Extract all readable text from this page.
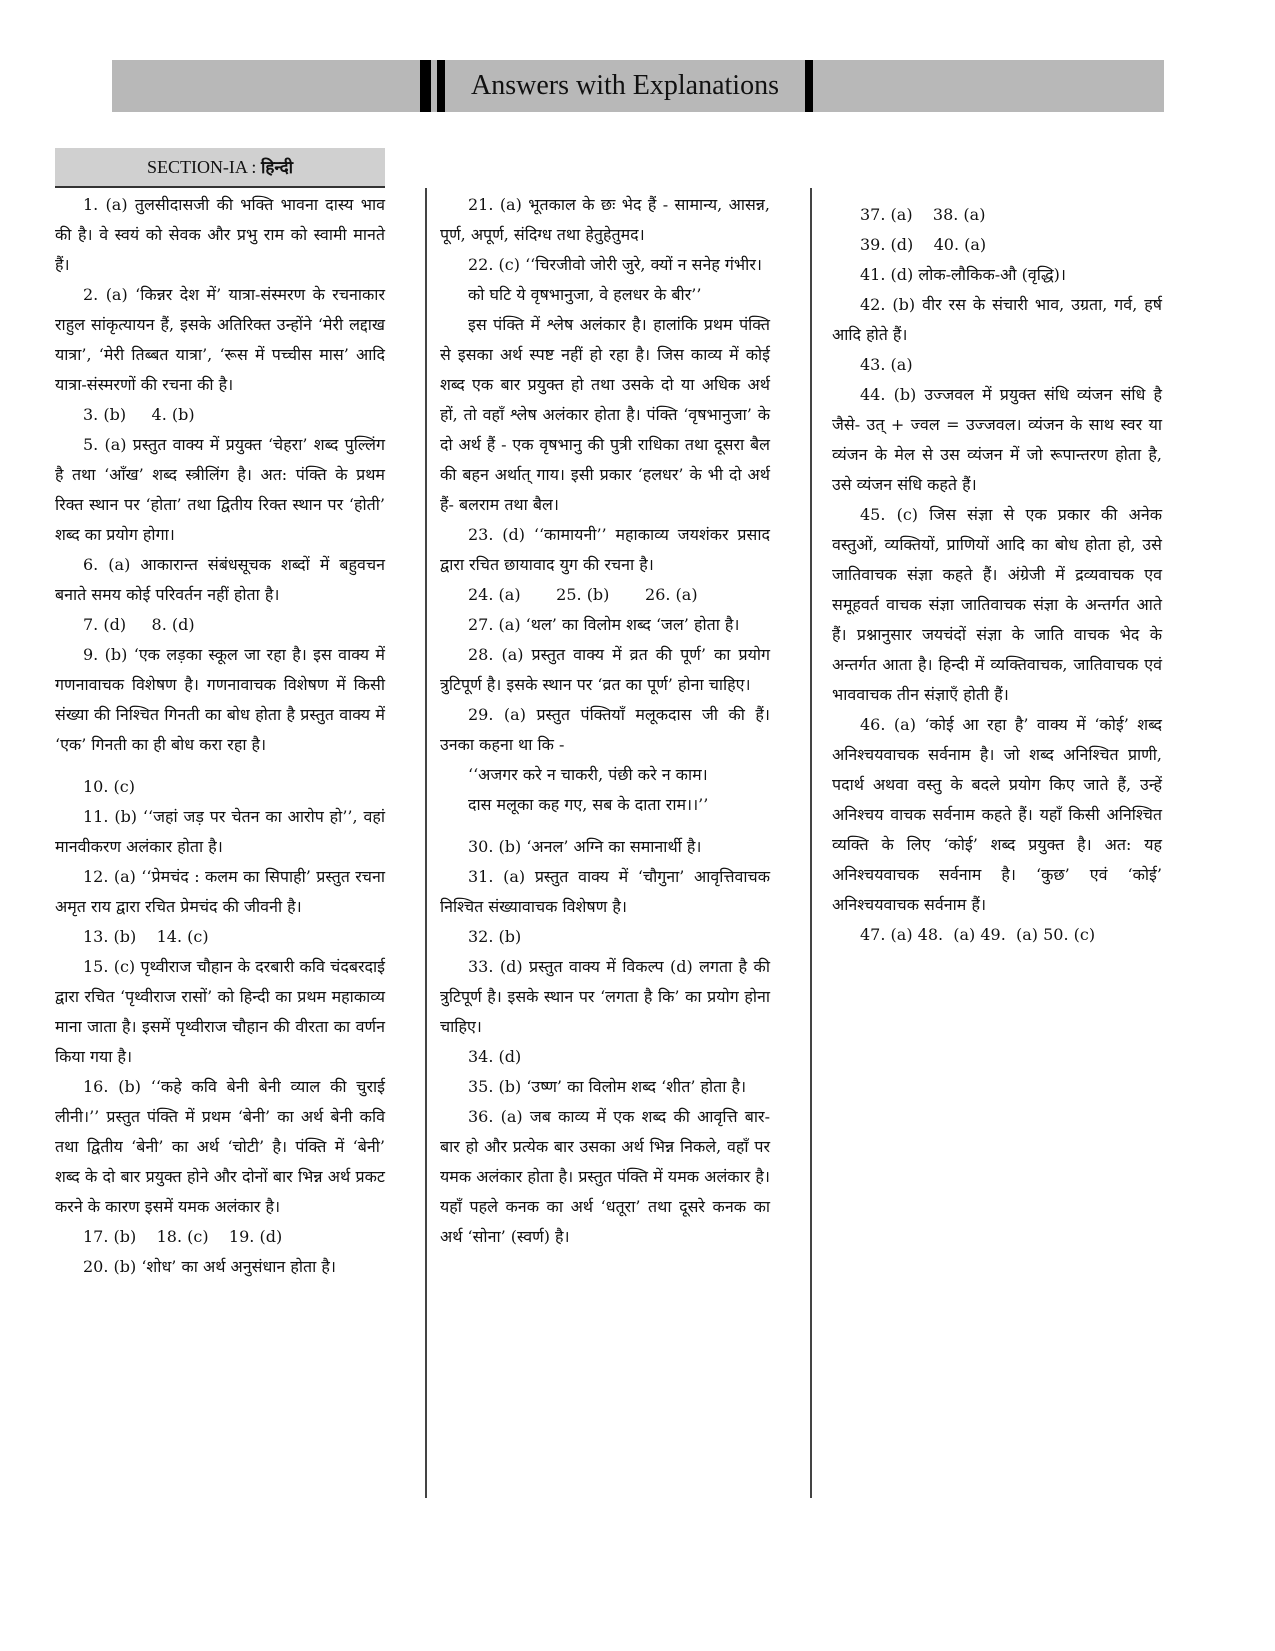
Answers with Explanations
SECTION-IA : हिन्दी

1. (a) तुलसीदासजी की भक्ति भावना दास्य भाव की है। वे स्वयं को सेवक और प्रभु राम को स्वामी मानते हैं।

2. (a) ‘किन्नर देश में’ यात्रा-संस्मरण के रचनाकार राहुल सांकृत्यायन हैं, इसके अतिरिक्त उन्होंने ‘मेरी लद्दाख यात्रा’, ‘मेरी तिब्बत यात्रा’, ‘रूस में पच्चीस मास’ आदि यात्रा-संस्मरणों की रचना की है।

3. (b)     4. (b)

5. (a) प्रस्तुत वाक्य में प्रयुक्त ‘चेहरा’ शब्द पुल्लिंग है तथा ‘आँख’ शब्द स्त्रीलिंग है। अत: पंक्ति के प्रथम रिक्त स्थान पर ‘होता’ तथा द्वितीय रिक्त स्थान पर ‘होती’ शब्द का प्रयोग होगा।

6. (a) आकारान्त संबंधसूचक शब्दों में बहुवचन बनाते समय कोई परिवर्तन नहीं होता है।

7. (d)     8. (d)

9. (b) ‘एक लड़का स्कूल जा रहा है। इस वाक्य में गणनावाचक विशेषण है। गणनावाचक विशेषण में किसी संख्या की निश्चित गिनती का बोध होता है प्रस्तुत वाक्य में ‘एक’ गिनती का ही बोध करा रहा है।

10. (c)

11. (b) ‘‘जहां जड़ पर चेतन का आरोप हो’’, वहां मानवीकरण अलंकार होता है।

12. (a) ‘‘प्रेमचंद : कलम का सिपाही’ प्रस्तुत रचना अमृत राय द्वारा रचित प्रेमचंद की जीवनी है।

13. (b)    14. (c)

15. (c) पृथ्वीराज चौहान के दरबारी कवि चंदबरदाई द्वारा रचित ‘पृथ्वीराज रासों’ को हिन्दी का प्रथम महाकाव्य माना जाता है। इसमें पृथ्वीराज चौहान की वीरता का वर्णन किया गया है।

16. (b) ‘‘कहे कवि बेनी बेनी व्याल की चुराई लीनी।’’ प्रस्तुत पंक्ति में प्रथम ‘बेनी’ का अर्थ बेनी कवि तथा द्वितीय ‘बेनी’ का अर्थ ‘चोटी’ है। पंक्ति में ‘बेनी’ शब्द के दो बार प्रयुक्त होने और दोनों बार भिन्न अर्थ प्रकट करने के कारण इसमें यमक अलंकार है।

17. (b)    18. (c)    19. (d)

20. (b) ‘शोध’ का अर्थ अनुसंधान होता है।

21. (a) भूतकाल के छः भेद हैं - सामान्य, आसन्न, पूर्ण, अपूर्ण, संदिग्ध तथा हेतुहेतुमद।

22. (c) ‘‘चिरजीवो जोरी जुरे, क्यों न सनेह गंभीर।

को घटि ये वृषभानुजा, वे हलधर के बीर’’

इस पंक्ति में श्लेष अलंकार है। हालांकि प्रथम पंक्ति से इसका अर्थ स्पष्ट नहीं हो रहा है। जिस काव्य में कोई शब्द एक बार प्रयुक्त हो तथा उसके दो या अधिक अर्थ हों, तो वहाँ श्लेष अलंकार होता है। पंक्ति ‘वृषभानुजा’ के दो अर्थ हैं - एक वृषभानु की पुत्री राधिका तथा दूसरा बैल की बहन अर्थात् गाय। इसी प्रकार ‘हलधर’ के भी दो अर्थ हैं- बलराम तथा बैल।

23. (d) ‘‘कामायनी’’ महाकाव्य जयशंकर प्रसाद द्वारा रचित छायावाद युग की रचना है।

24. (a)       25. (b)       26. (a)

27. (a) ‘थल’ का विलोम शब्द ‘जल’ होता है।

28. (a) प्रस्तुत वाक्य में व्रत की पूर्ण’ का प्रयोग त्रुटिपूर्ण है। इसके स्थान पर ‘व्रत का पूर्ण’ होना चाहिए।

29. (a) प्रस्तुत पंक्तियाँ मलूकदास जी की हैं। उनका कहना था कि -

‘‘अजगर करे न चाकरी, पंछी करे न काम।

दास मलूका कह गए, सब के दाता राम।।’’

30. (b) ‘अनल’ अग्नि का समानार्थी है।

31. (a) प्रस्तुत वाक्य में ‘चौगुना’ आवृत्तिवाचक निश्चित संख्यावाचक विशेषण है।

32. (b)

33. (d) प्रस्तुत वाक्य में विकल्प (d) लगता है की त्रुटिपूर्ण है। इसके स्थान पर ‘लगता है कि’ का प्रयोग होना चाहिए।

34. (d)

35. (b) ‘उष्ण’ का विलोम शब्द ‘शीत’ होता है।

36. (a) जब काव्य में एक शब्द की आवृत्ति बार-बार हो और प्रत्येक बार उसका अर्थ भिन्न निकले, वहाँ पर यमक अलंकार होता है। प्रस्तुत पंक्ति में यमक अलंकार है। यहाँ पहले कनक का अर्थ ‘धतूरा’ तथा दूसरे कनक का अर्थ ‘सोना’ (स्वर्ण) है।

37. (a)    38. (a)

39. (d)    40. (a)

41. (d) लोक-लौकिक-औ (वृद्धि)।

42. (b) वीर रस के संचारी भाव, उग्रता, गर्व, हर्ष आदि होते हैं।

43. (a)

44. (b) उज्जवल में प्रयुक्त संधि व्यंजन संधि है जैसे- उत् + ज्वल = उज्जवल। व्यंजन के साथ स्वर या व्यंजन के मेल से उस व्यंजन में जो रूपान्तरण होता है, उसे व्यंजन संधि कहते हैं।

45. (c) जिस संज्ञा से एक प्रकार की अनेक वस्तुओं, व्यक्तियों, प्राणियों आदि का बोध होता हो, उसे जातिवाचक संज्ञा कहते हैं। अंग्रेजी में द्रव्यवाचक एव समूहवर्त वाचक संज्ञा जातिवाचक संज्ञा के अन्तर्गत आते हैं। प्रश्नानुसार जयचंदों संज्ञा के जाति वाचक भेद के अन्तर्गत आता है। हिन्दी में व्यक्तिवाचक, जातिवाचक एवं भाववाचक तीन संज्ञाएँ होती हैं।

46. (a) ‘कोई आ रहा है’ वाक्य में ‘कोई’ शब्द अनिश्चयवाचक सर्वनाम है। जो शब्द अनिश्चित प्राणी, पदार्थ अथवा वस्तु के बदले प्रयोग किए जाते हैं, उन्हें अनिश्चय वाचक सर्वनाम कहते हैं। यहाँ किसी अनिश्चित व्यक्ति के लिए ‘कोई’ शब्द प्रयुक्त है। अत: यह अनिश्चयवाचक सर्वनाम है। ‘कुछ’ एवं ‘कोई’ अनिश्चयवाचक सर्वनाम हैं।

47. (a) 48.  (a) 49.  (a) 50. (c)
